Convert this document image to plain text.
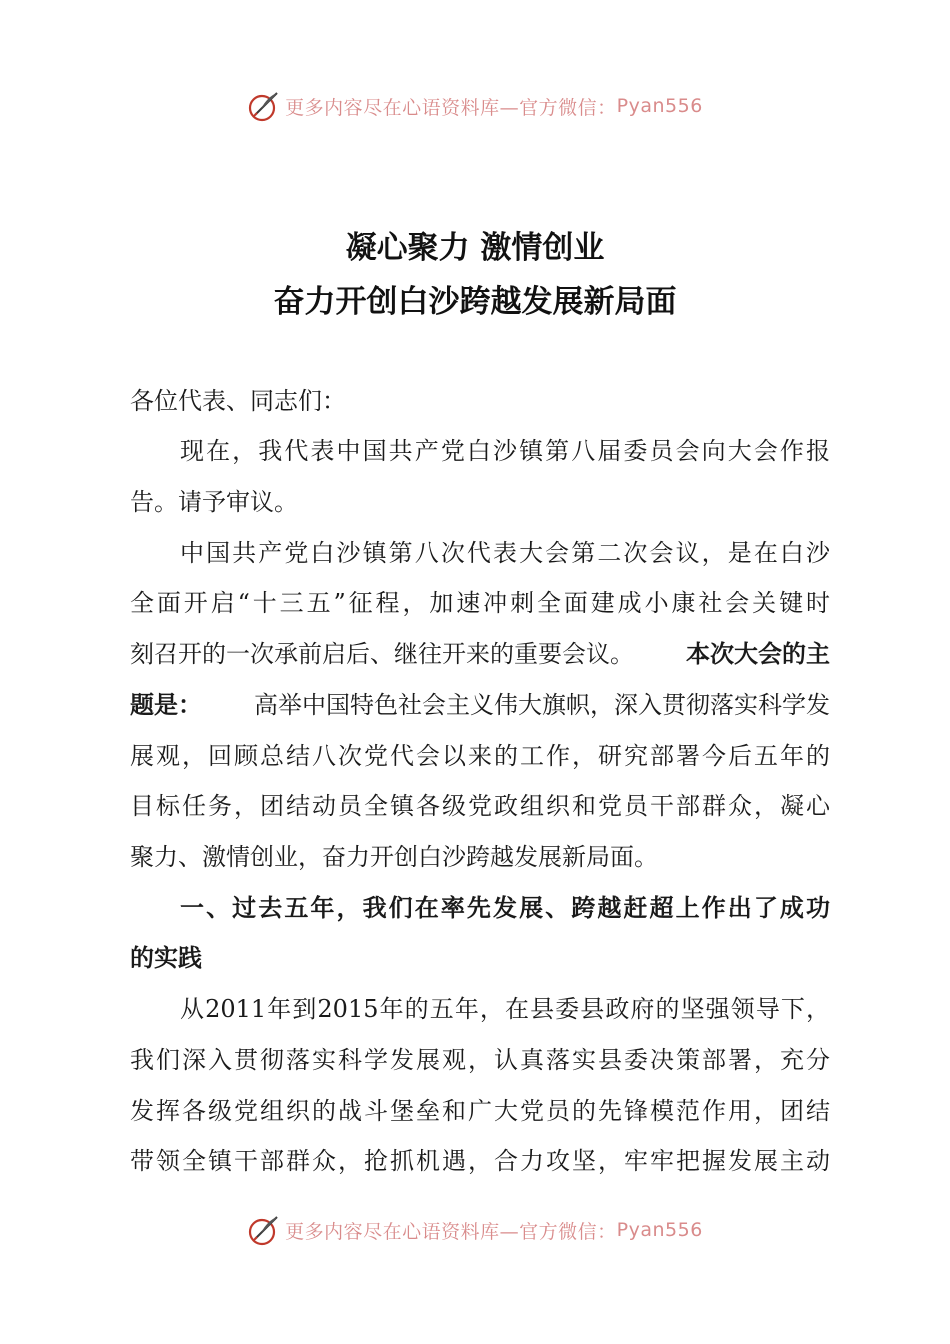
更多内容尽在心语资料库—官方微信： Pyan556
凝心聚力 激情创业
奋力开创白沙跨越发展新局面
各位代表、同志们：
现在，我代表中国共产党白沙镇第八届委员会向大会作报
告。请予审议。
中国共产党白沙镇第八次代表大会第二次会议，是在白沙
全面开启“十三五”征程，加速冲刺全面建成小康社会关键时
刻召开的一次承前启后、继往开来的重要会议。 本次大会的主
题是： 高举中国特色社会主义伟大旗帜，深入贯彻落实科学发
展观，回顾总结八次党代会以来的工作，研究部署今后五年的
目标任务，团结动员全镇各级党政组织和党员干部群众，凝心
聚力、激情创业，奋力开创白沙跨越发展新局面。
一、过去五年，我们在率先发展、跨越赶超上作出了成功
的实践
从2011年到2015年的五年，在县委县政府的坚强领导下，
我们深入贯彻落实科学发展观，认真落实县委决策部署，充分
发挥各级党组织的战斗堡垒和广大党员的先锋模范作用，团结
带领全镇干部群众，抢抓机遇，合力攻坚，牢牢把握发展主动
更多内容尽在心语资料库—官方微信： Pyan556
